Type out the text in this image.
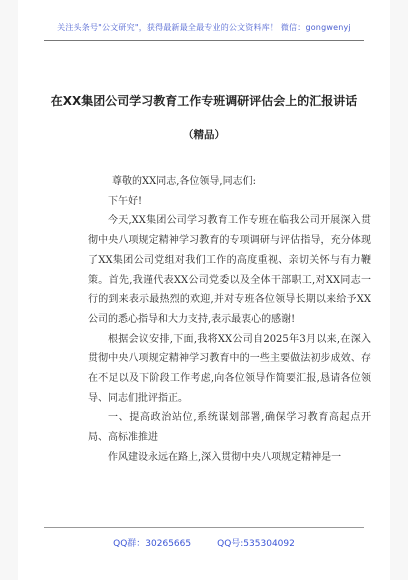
关注头条号"公文研究"，获得最新最全最专业的公文资料库！ 微信：gongwenyj
在XX集团公司学习教育工作专班调研评估会上的汇报讲话
（精品）

尊敬的XX同志,各位领导,同志们:

下午好!

今天,XX集团公司学习教育工作专班在临我公司开展深入贯彻中央八项规定精神学习教育的专项调研与评估指导，充分体现了XX集团公司党组对我们工作的高度重视、亲切关怀与有力鞭策。首先,我谨代表XX公司党委以及全体干部职工,对XX同志一行的到来表示最热烈的欢迎,并对专班各位领导长期以来给予XX公司的悉心指导和大力支持,表示最衷心的感谢!

根据会议安排,下面,我将XX公司自2025年3月以来,在深入贯彻中央八项规定精神学习教育中的一些主要做法初步成效、存在不足以及下阶段工作考虑,向各位领导作简要汇报,恳请各位领导、同志们批评指正。

一、提高政治站位,系统谋划部署,确保学习教育高起点开局、高标准推进

作风建设永远在路上,深入贯彻中央八项规定精神是一

QQ群：30265665	QQ号:535304092
